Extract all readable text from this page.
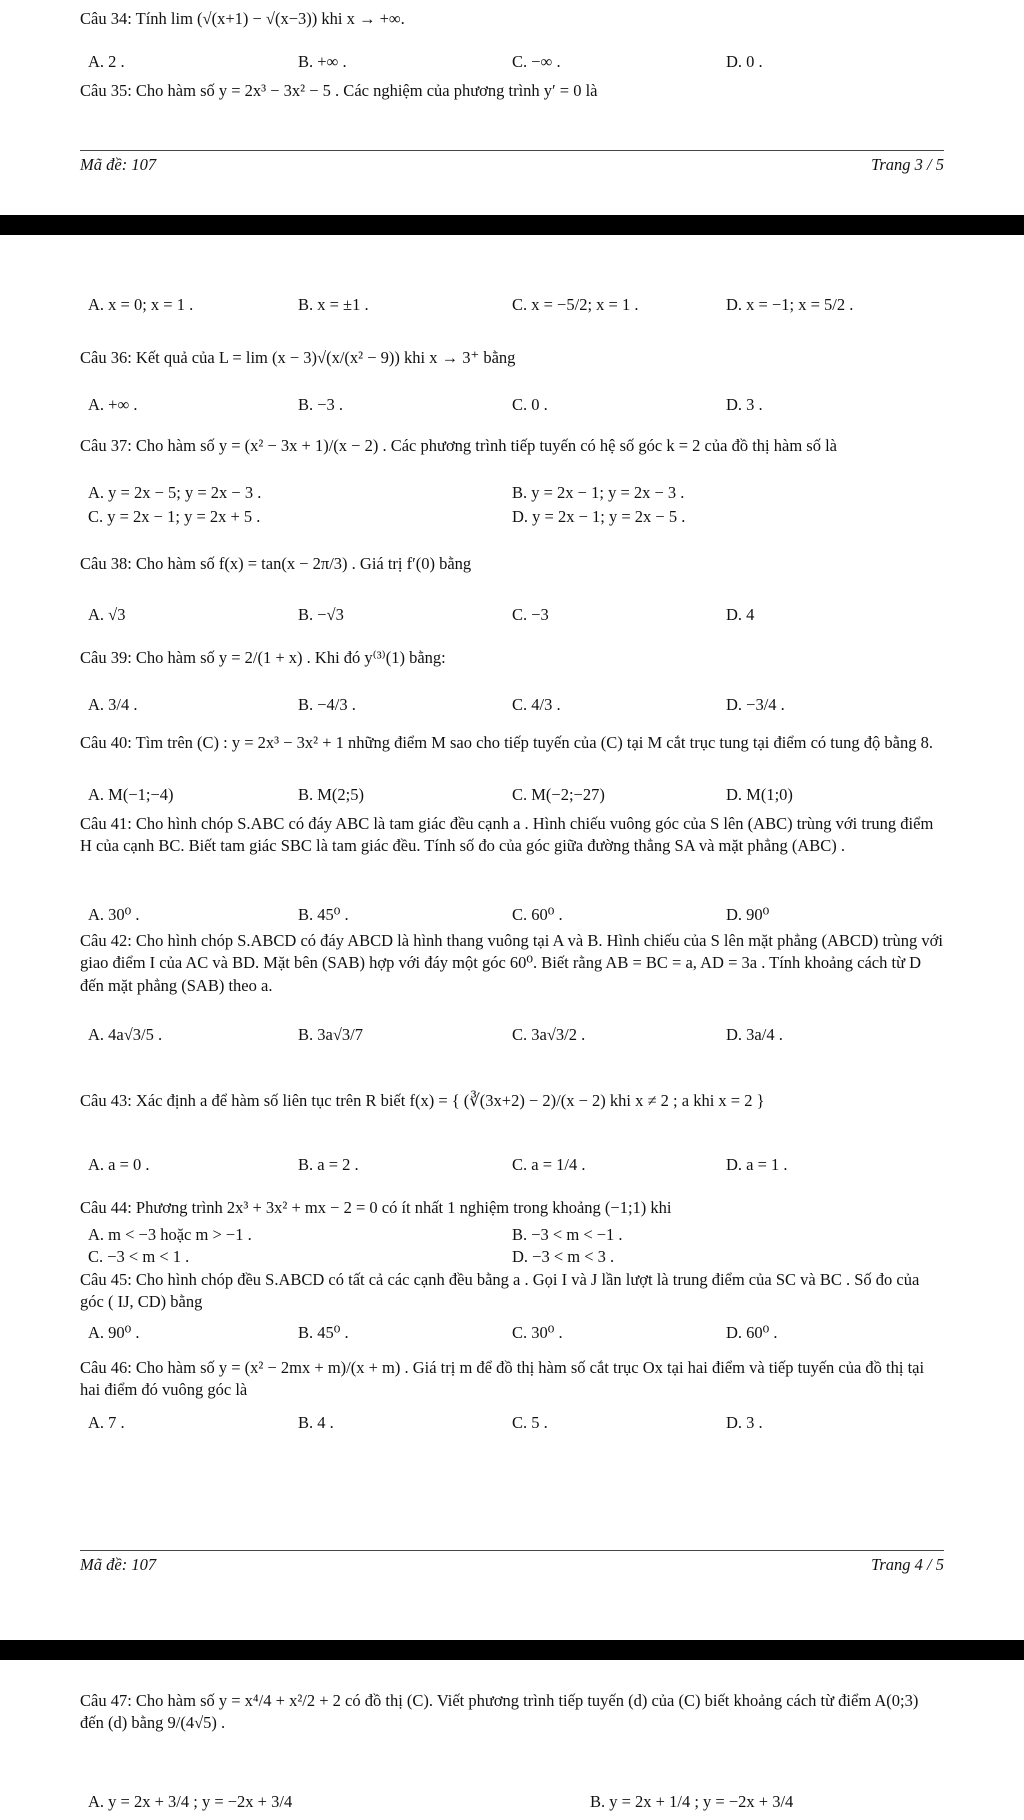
Câu 34: Tính lim (√(x+1) − √(x−3)) khi x → +∞.
A. 2 .	B. +∞ .	C. −∞ .	D. 0 .
Câu 35: Cho hàm số y = 2x³ − 3x² − 5 . Các nghiệm của phương trình y′ = 0 là
Mã đề: 107	Trang 3 / 5
A. x = 0; x = 1 .	B. x = ±1 .	C. x = −5/2; x = 1 .	D. x = −1; x = 5/2 .
Câu 36: Kết quả của L = lim (x − 3)√(x/(x² − 9)) khi x → 3⁺ bằng
A. +∞ .	B. −3 .	C. 0 .	D. 3 .
Câu 37: Cho hàm số y = (x² − 3x + 1)/(x − 2) . Các phương trình tiếp tuyến có hệ số góc k = 2 của đồ thị hàm số là
A. y = 2x − 5; y = 2x − 3 .	B. y = 2x − 1; y = 2x − 3 .
C. y = 2x − 1; y = 2x + 5 .	D. y = 2x − 1; y = 2x − 5 .
Câu 38: Cho hàm số f(x) = tan(x − 2π/3) . Giá trị f′(0) bằng
A. √3	B. −√3	C. −3	D. 4
Câu 39: Cho hàm số y = 2/(1 + x) . Khi đó y⁽³⁾(1) bằng:
A. 3/4 .	B. −4/3 .	C. 4/3 .	D. −3/4 .
Câu 40: Tìm trên (C) : y = 2x³ − 3x² + 1 những điểm M sao cho tiếp tuyến của (C) tại M cắt trục tung tại điểm có tung độ bằng 8.
A. M(−1;−4)	B. M(2;5)	C. M(−2;−27)	D. M(1;0)
Câu 41: Cho hình chóp S.ABC có đáy ABC là tam giác đều cạnh a . Hình chiếu vuông góc của S lên (ABC) trùng với trung điểm H của cạnh BC. Biết tam giác SBC là tam giác đều. Tính số đo của góc giữa đường thẳng SA và mặt phẳng (ABC) .
A. 30⁰ .	B. 45⁰ .	C. 60⁰ .	D. 90⁰
Câu 42: Cho hình chóp S.ABCD có đáy ABCD là hình thang vuông tại A và B. Hình chiếu của S lên mặt phẳng (ABCD) trùng với giao điểm I của AC và BD. Mặt bên (SAB) hợp với đáy một góc 60⁰. Biết rằng AB = BC = a, AD = 3a . Tính khoảng cách từ D đến mặt phẳng (SAB) theo a.
A. 4a√3/5 .	B. 3a√3/7	C. 3a√3/2 .	D. 3a/4 .
Câu 43: Xác định a để hàm số liên tục trên R biết f(x) = { (∛(3x+2) − 2)/(x − 2) khi x ≠ 2 ; a khi x = 2 }
A. a = 0 .	B. a = 2 .	C. a = 1/4 .	D. a = 1 .
Câu 44: Phương trình 2x³ + 3x² + mx − 2 = 0 có ít nhất 1 nghiệm trong khoảng (−1;1) khi
A. m < −3 hoặc m > −1 .	B. −3 < m < −1 .
C. −3 < m < 1 .	D. −3 < m < 3 .
Câu 45: Cho hình chóp đều S.ABCD có tất cả các cạnh đều bằng a . Gọi I và J lần lượt là trung điểm của SC và BC . Số đo của góc ( IJ, CD) bằng
A. 90⁰ .	B. 45⁰ .	C. 30⁰ .	D. 60⁰ .
Câu 46: Cho hàm số y = (x² − 2mx + m)/(x + m) . Giá trị m để đồ thị hàm số cắt trục Ox tại hai điểm và tiếp tuyến của đồ thị tại hai điểm đó vuông góc là
A. 7 .	B. 4 .	C. 5 .	D. 3 .
Mã đề: 107	Trang 4 / 5
Câu 47: Cho hàm số y = x⁴/4 + x²/2 + 2 có đồ thị (C). Viết phương trình tiếp tuyến (d) của (C) biết khoảng cách từ điểm A(0;3) đến (d) bằng 9/(4√5) .
A. y = 2x + 3/4 ; y = −2x + 3/4	B. y = 2x + 1/4 ; y = −2x + 3/4
